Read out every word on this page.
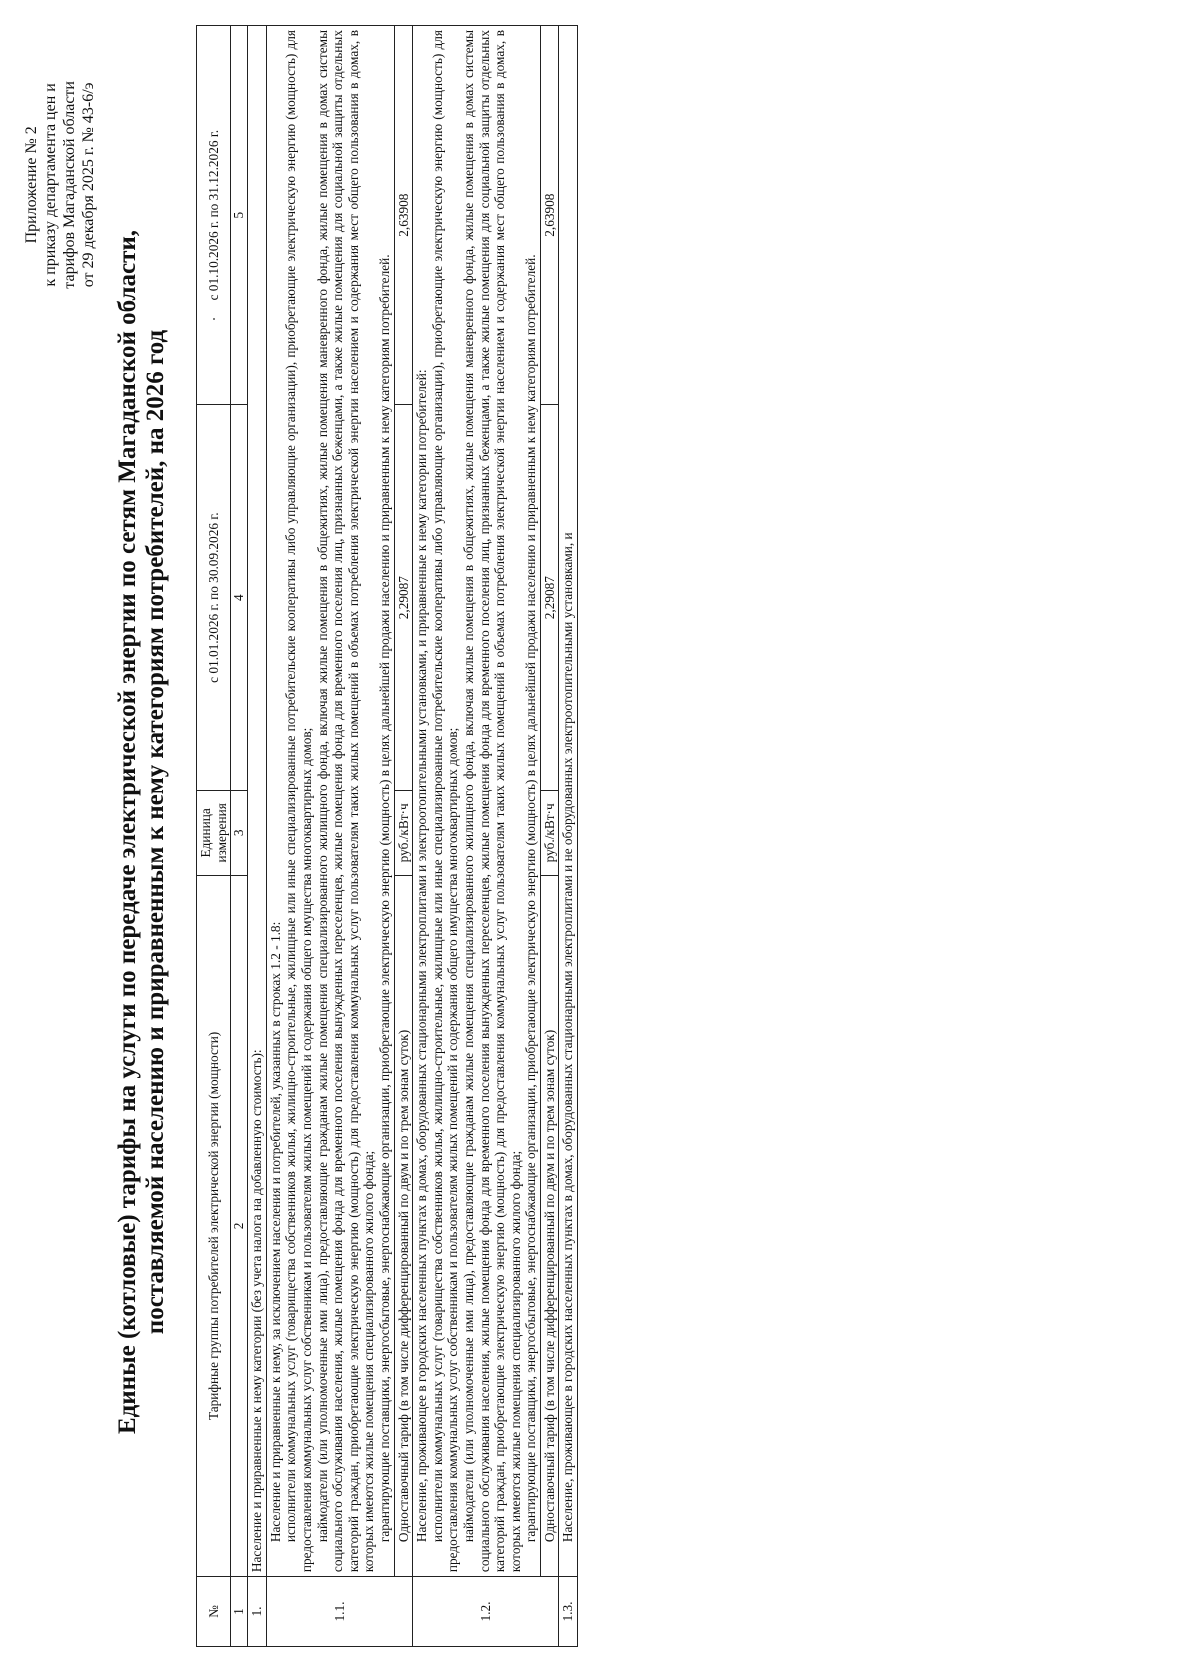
Приложение № 2 к приказу департамента цен и тарифов Магаданской области от 29 декабря 2025 г. № 43-6/э
Единые (котловые) тарифы на услуги по передаче электрической энергии по сетям Магаданской области, поставляемой населению и приравненным к нему категориям потребителей, на 2026 год
№	Тарифные группы потребителей электрической энергии (мощности)	Единица измерения	с 01.01.2026 г. по 30.09.2026 г.	с 01.10.2026 г. по 31.12.2026 г.
1	2	3	4	5
1.	Население и приравненные к нему категории (без учета налога на добавленную стоимость):			
1.1.	Население и приравненные к нему, за исключением населения и потребителей, указанных в строках 1.2 - 1.8: исполнители коммунальных услуг (товарищества собственников жилья, жилищно-строительные, жилищные или иные специализированные потребительские кооперативы либо управляющие организации), приобретающие электрическую энергию (мощность) для предоставления коммунальных услуг собственникам и пользователям жилых помещений и содержания общего имущества многоквартирных домов; наймодатели (или уполномоченные ими лица), предоставляющие гражданам жилые помещения специализированного жилищного фонда, включая жилые помещения в общежитиях, жилые помещения маневренного фонда, жилые помещения в домах системы социального обслуживания населения, жилые помещения фонда для временного поселения вынужденных переселенцев, жилые помещения фонда для временного поселения лиц, признанных беженцами, а также жилые помещения для социальной защиты отдельных категорий граждан, приобретающие электрическую энергию (мощность) для предоставления коммунальных услуг пользователям таких жилых помещений в объемах потребления электрической энергии населением и содержания мест общего пользования в домах, в которых имеются жилые помещения специализированного жилого фонда; гарантирующие поставщики, энергосбытовые, энергоснабжающие организации, приобретающие электрическую энергию (мощность) в целях дальнейшей продажи населению и приравненным к нему категориям потребителей.			

	Одноставочный тариф (в том числе дифференцированный по двум и по трем зонам суток)	руб./кВт·ч	2,29087	2,63908
1.2.	Население, проживающее в городских населенных пунктах в домах, оборудованных стационарными электроплитами и электроотопительными установками, и приравненные к нему категории потребителей: исполнители коммунальных услуг (товарищества собственников жилья, жилищно-строительные, жилищные или иные специализированные потребительские кооперативы либо управляющие организации), приобретающие электрическую энергию (мощность) для предоставления коммунальных услуг собственникам и пользователям жилых помещений и содержания общего имущества многоквартирных домов; наймодатели (или уполномоченные ими лица), предоставляющие гражданам жилые помещения специализированного жилищного фонда, включая жилые помещения в общежитиях, жилые помещения маневренного фонда, жилые помещения в домах системы социального обслуживания населения, жилые помещения фонда для временного поселения вынужденных переселенцев, жилые помещения фонда для временного поселения лиц, признанных беженцами, а также жилые помещения для социальной защиты отдельных категорий граждан, приобретающие электрическую энергию (мощность) для предоставления коммунальных услуг пользователям таких жилых помещений в объемах потребления электрической энергии населением и содержания мест общего пользования в домах, в которых имеются жилые помещения специализированного жилого фонда; гарантирующие поставщики, энергосбытовые, энергоснабжающие организации, приобретающие электрическую энергию (мощность) в целях дальнейшей продажи населению и приравненным к нему категориям потребителей.			

	Одноставочный тариф (в том числе дифференцированный по двум и по трем зонам суток)	руб./кВт·ч	2,29087	2,63908
1.3.	Население, проживающее в городских населенных пунктах в домах, оборудованных стационарными электроплитами и не оборудованных электроотопительными установками, и			
